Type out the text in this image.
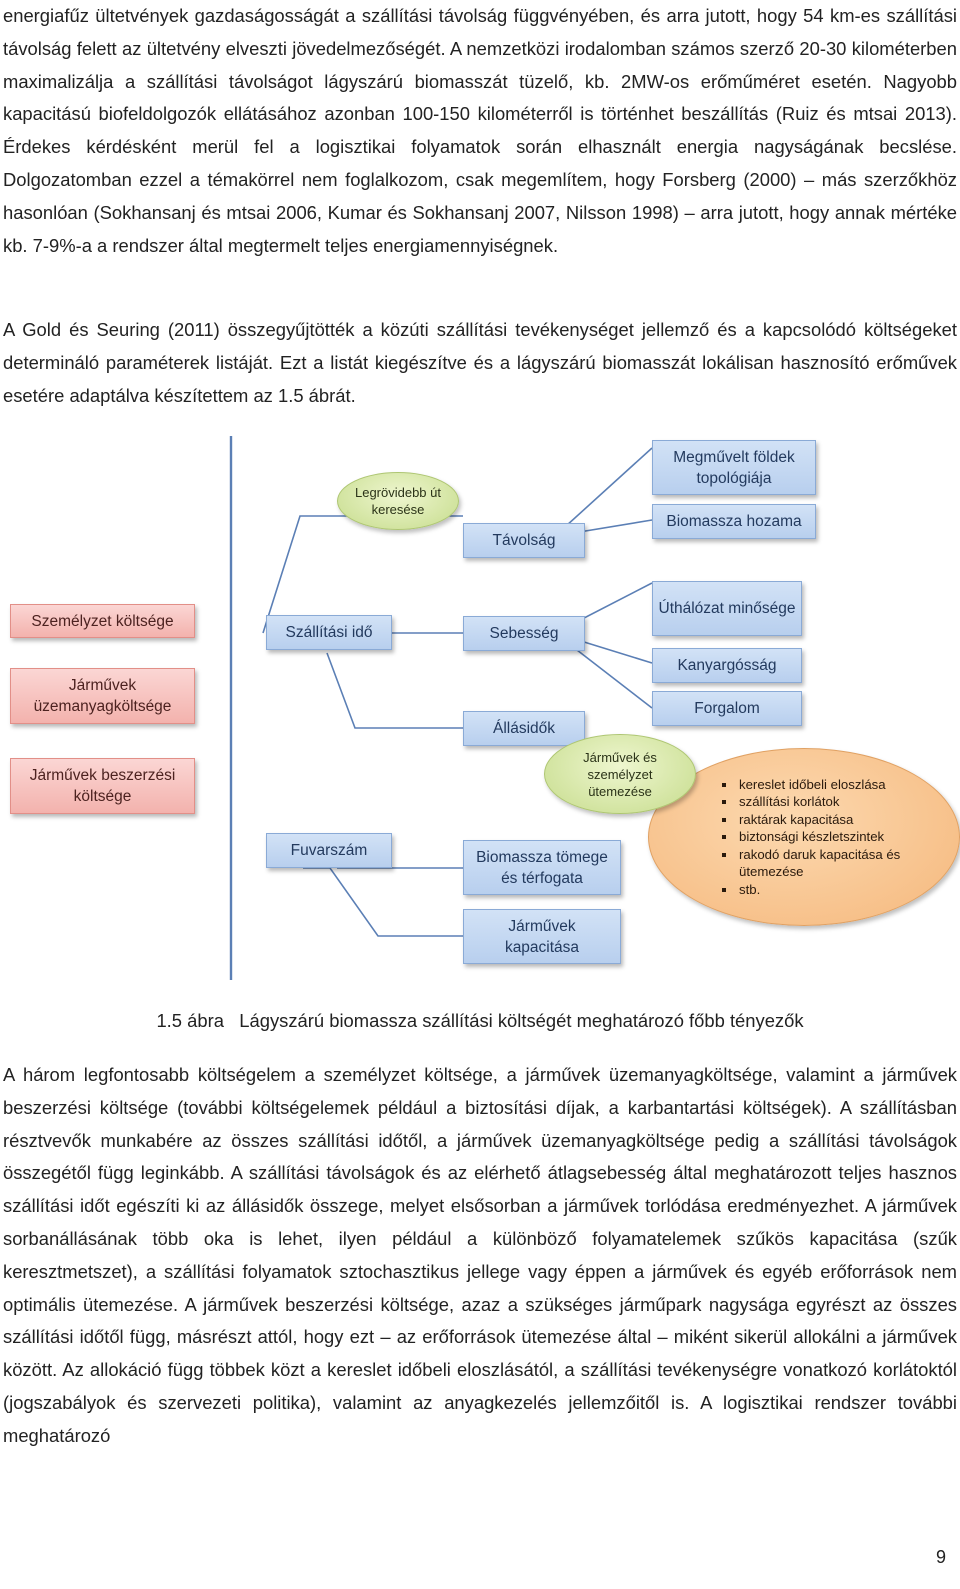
energiafűz ültetvények gazdaságosságát a szállítási távolság függvényében, és arra jutott, hogy 54 km-es szállítási távolság felett az ültetvény elveszti jövedelmezőségét. A nemzetközi irodalomban számos szerző 20-30 kilométerben maximalizálja a szállítási távolságot lágyszárú biomasszát tüzelő, kb. 2MW-os erőműméret esetén. Nagyobb kapacitású biofeldolgozók ellátásához azonban 100-150 kilométerről is történhet beszállítás (Ruiz és mtsai 2013). Érdekes kérdésként merül fel a logisztikai folyamatok során elhasznált energia nagyságának becslése. Dolgozatomban ezzel a témakörrel nem foglalkozom, csak megemlítem, hogy Forsberg (2000) – más szerzőkhöz hasonlóan (Sokhansanj és mtsai 2006, Kumar és Sokhansanj 2007, Nilsson 1998) – arra jutott, hogy annak mértéke kb. 7-9%-a a rendszer által megtermelt teljes energiamennyiségnek.

A Gold és Seuring (2011) összegyűjtötték a közúti szállítási tevékenységet jellemző és a kapcsolódó költségeket determináló paraméterek listáját. Ezt a listát kiegészítve és a lágyszárú biomasszát lokálisan hasznosító erőművek esetére adaptálva készítettem az 1.5 ábrát.

Legrövidebb út keresése
Megművelt földek topológiája
Biomassza hozama
Távolság
Úthálózat minősége
Kanyargósság
Forgalom
Személyzet költsége
Járművek üzemanyagköltsége
Járművek beszerzési költsége
Szállítási idő	Sebesség
Állásidők
▪ kereslet időbeli eloszlása
▪ szállítási korlátok
▪ raktárak kapacitása
▪ biztonsági készletszintek
▪ rakodó daruk kapacitása és ütemezése
▪ stb.
Járművek és személyzet ütemezése
Fuvarszám	Biomassza tömege és térfogata
Járművek kapacitása
1.5 ábra Lágyszárú biomassza szállítási költségét meghatározó főbb tényezők

A három legfontosabb költségelem a személyzet költsége, a járművek üzemanyagköltsége, valamint a járművek beszerzési költsége (további költségelemek például a biztosítási díjak, a karbantartási költségek). A szállításban résztvevők munkabére az összes szállítási időtől, a járművek üzemanyagköltsége pedig a szállítási távolságok összegétől függ leginkább. A szállítási távolságok és az elérhető átlagsebesség által meghatározott teljes hasznos szállítási időt egészíti ki az állásidők összege, melyet elsősorban a járművek torlódása eredményezhet. A járművek sorbanállásának több oka is lehet, ilyen például a különböző folyamatelemek szűkös kapacitása (szűk keresztmetszet), a szállítási folyamatok sztochasztikus jellege vagy éppen a járművek és egyéb erőforrások nem optimális ütemezése. A járművek beszerzési költsége, azaz a szükséges járműpark nagysága egyrészt az összes szállítási időtől függ, másrészt attól, hogy ezt – az erőforrások ütemezése által – miként sikerül allokálni a járművek között. Az allokáció függ többek közt a kereslet időbeli eloszlásától, a szállítási tevékenységre vonatkozó korlátoktól (jogszabályok és szervezeti politika), valamint az anyagkezelés jellemzőitől is. A logisztikai rendszer további meghatározó

9
